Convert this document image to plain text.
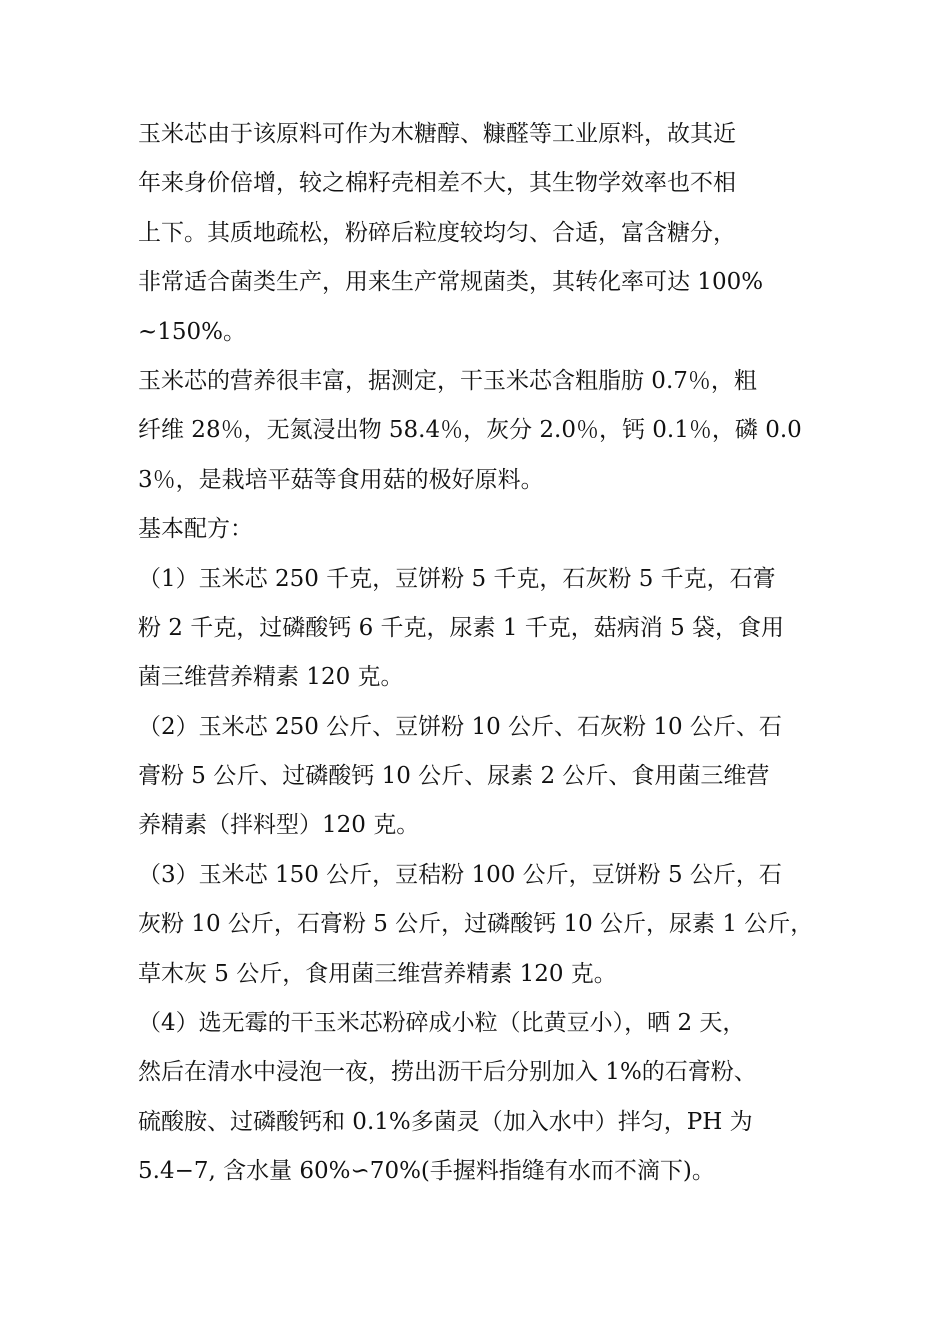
玉米芯由于该原料可作为木糖醇、糠醛等工业原料，故其近
年来身价倍增，较之棉籽壳相差不大，其生物学效率也不相
上下。其质地疏松，粉碎后粒度较均匀、合适，富含糖分，
非常适合菌类生产，用来生产常规菌类，其转化率可达 100%
~150%。
玉米芯的营养很丰富，据测定，干玉米芯含粗脂肪 0.7％，粗
纤维 28％，无氮浸出物 58.4％，灰分 2.0％，钙 0.1％，磷 0.0
3％，是栽培平菇等食用菇的极好原料。
基本配方：
（1）玉米芯 250 千克，豆饼粉 5 千克，石灰粉 5 千克，石膏
粉 2 千克，过磷酸钙 6 千克，尿素 1 千克，菇病消 5 袋，食用
菌三维营养精素 120 克。
（2）玉米芯 250 公斤、豆饼粉 10 公斤、石灰粉 10 公斤、石
膏粉 5 公斤、过磷酸钙 10 公斤、尿素 2 公斤、食用菌三维营
养精素（拌料型）120 克。
（3）玉米芯 150 公斤，豆秸粉 100 公斤，豆饼粉 5 公斤，石
灰粉 10 公斤，石膏粉 5 公斤，过磷酸钙 10 公斤，尿素 1 公斤，
草木灰 5 公斤，食用菌三维营养精素 120 克。
（4）选无霉的干玉米芯粉碎成小粒（比黄豆小），晒 2 天，
然后在清水中浸泡一夜，捞出沥干后分别加入 1%的石膏粉、
硫酸胺、过磷酸钙和 0.1%多菌灵（加入水中）拌匀，PH 为
5.4−7, 含水量 60%∽70%(手握料指缝有水而不滴下)。
